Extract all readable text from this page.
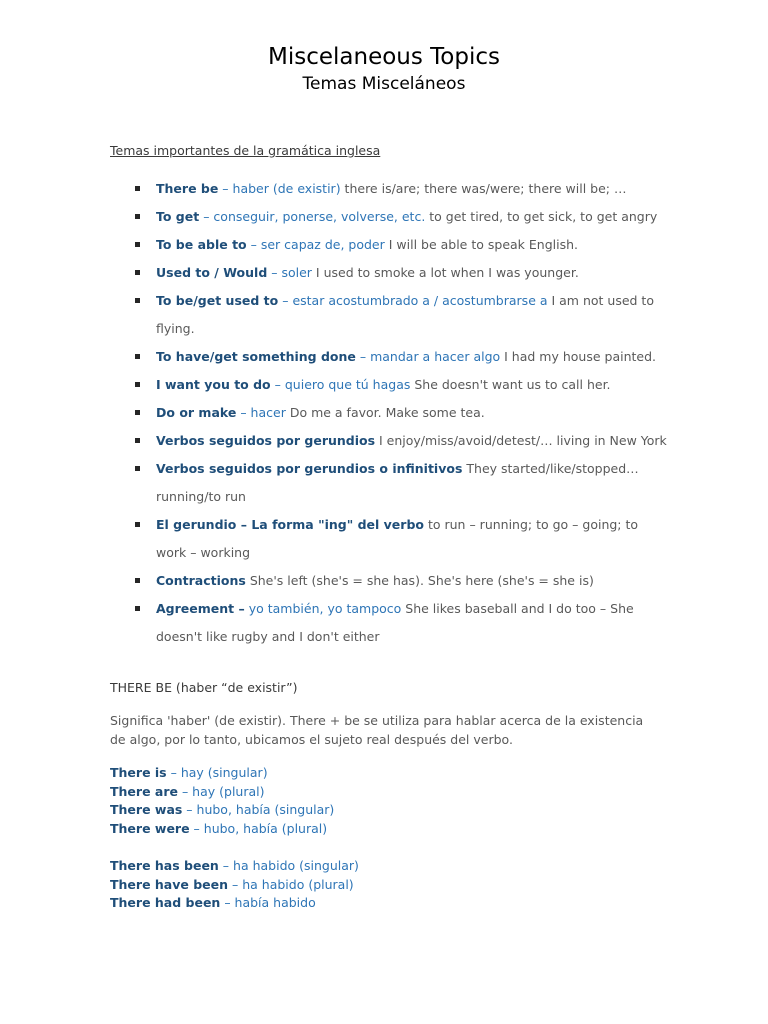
Miscelaneous Topics
Temas Misceláneos
Temas importantes de la gramática inglesa
There be – haber (de existir) there is/are; there was/were; there will be; …
To get – conseguir, ponerse, volverse, etc. to get tired, to get sick, to get angry
To be able to – ser capaz de, poder I will be able to speak English.
Used to / Would – soler I used to smoke a lot when I was younger.
To be/get used to – estar acostumbrado a / acostumbrarse a I am not used to flying.
To have/get something done – mandar a hacer algo I had my house painted.
I want you to do – quiero que tú hagas She doesn't want us to call her.
Do or make – hacer Do me a favor. Make some tea.
Verbos seguidos por gerundios I enjoy/miss/avoid/detest/… living in New York
Verbos seguidos por gerundios o infinitivos They started/like/stopped… running/to run
El gerundio – La forma "ing" del verbo to run – running; to go – going; to work – working
Contractions She's left (she's = she has). She's here (she's = she is)
Agreement – yo también, yo tampoco She likes baseball and I do too – She doesn't like rugby and I don't either
THERE BE (haber “de existir”)
Significa 'haber' (de existir). There + be se utiliza para hablar acerca de la existencia de algo, por lo tanto, ubicamos el sujeto real después del verbo.
There is – hay (singular)
There are – hay (plural)
There was – hubo, había (singular)
There were – hubo, había (plural)
There has been – ha habido (singular)
There have been – ha habido (plural)
There had been – había habido
